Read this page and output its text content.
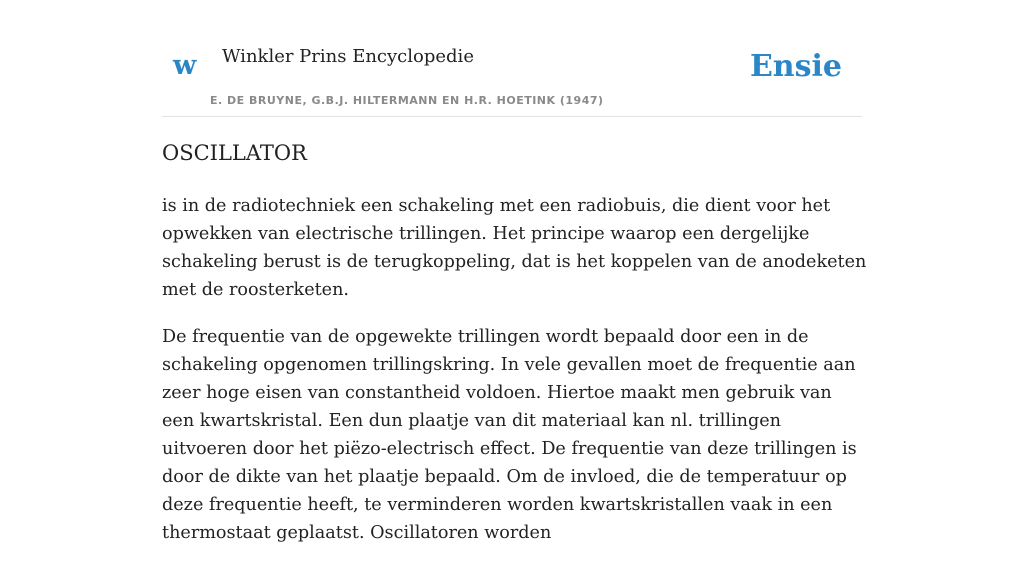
w Winkler Prins Encyclopedie
E. DE BRUYNE, G.B.J. HILTERMANN EN H.R. HOETINK (1947)
Ensie
OSCILLATOR

is in de radiotechniek een schakeling met een radiobuis, die dient voor het opwekken van electrische trillingen. Het principe waarop een dergelijke schakeling berust is de terugkoppeling, dat is het koppelen van de anodeketen met de roosterketen.

De frequentie van de opgewekte trillingen wordt bepaald door een in de schakeling opgenomen trillingskring. In vele gevallen moet de frequentie aan zeer hoge eisen van constantheid voldoen. Hiertoe maakt men gebruik van een kwartskristal. Een dun plaatje van dit materiaal kan nl. trillingen uitvoeren door het piëzo-electrisch effect. De frequentie van deze trillingen is door de dikte van het plaatje bepaald. Om de invloed, die de temperatuur op deze frequentie heeft, te verminderen worden kwartskristallen vaak in een thermostaat geplaatst. Oscillatoren worden
